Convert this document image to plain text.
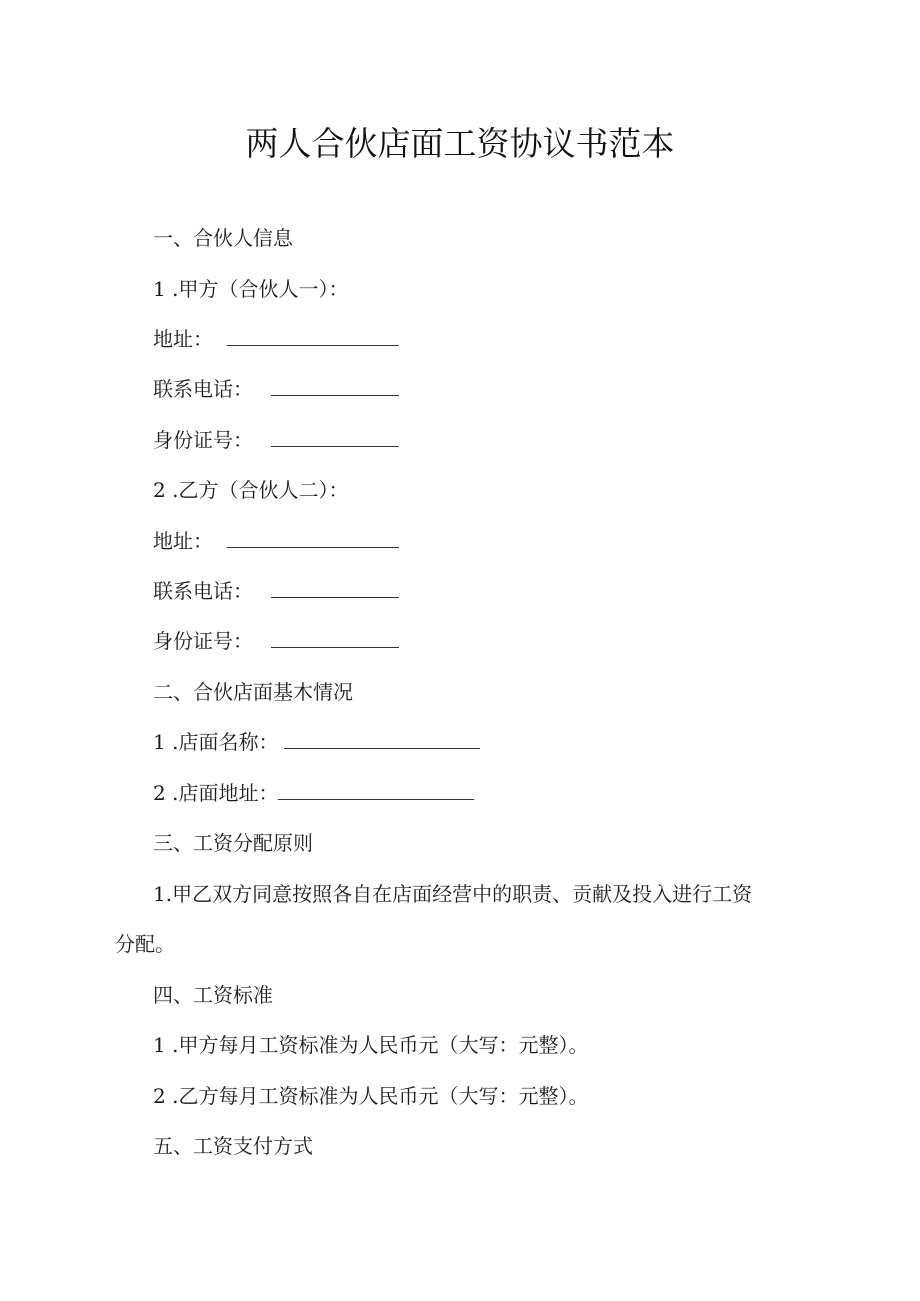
两人合伙店面工资协议书范本
一、合伙人信息
1 .甲方（合伙人一）：
地址：
联系电话：
身份证号：
2 .乙方（合伙人二）：
地址：
联系电话：
身份证号：
二、合伙店面基木情况
1 .店面名称：
2 .店面地址：
三、工资分配原则
1.甲乙双方同意按照各自在店面经营中的职责、贡献及投入进行工资
分配。
四、工资标准
1 .甲方每月工资标准为人民币元（大写：元整）。
2 .乙方每月工资标准为人民币元（大写：元整）。
五、工资支付方式
